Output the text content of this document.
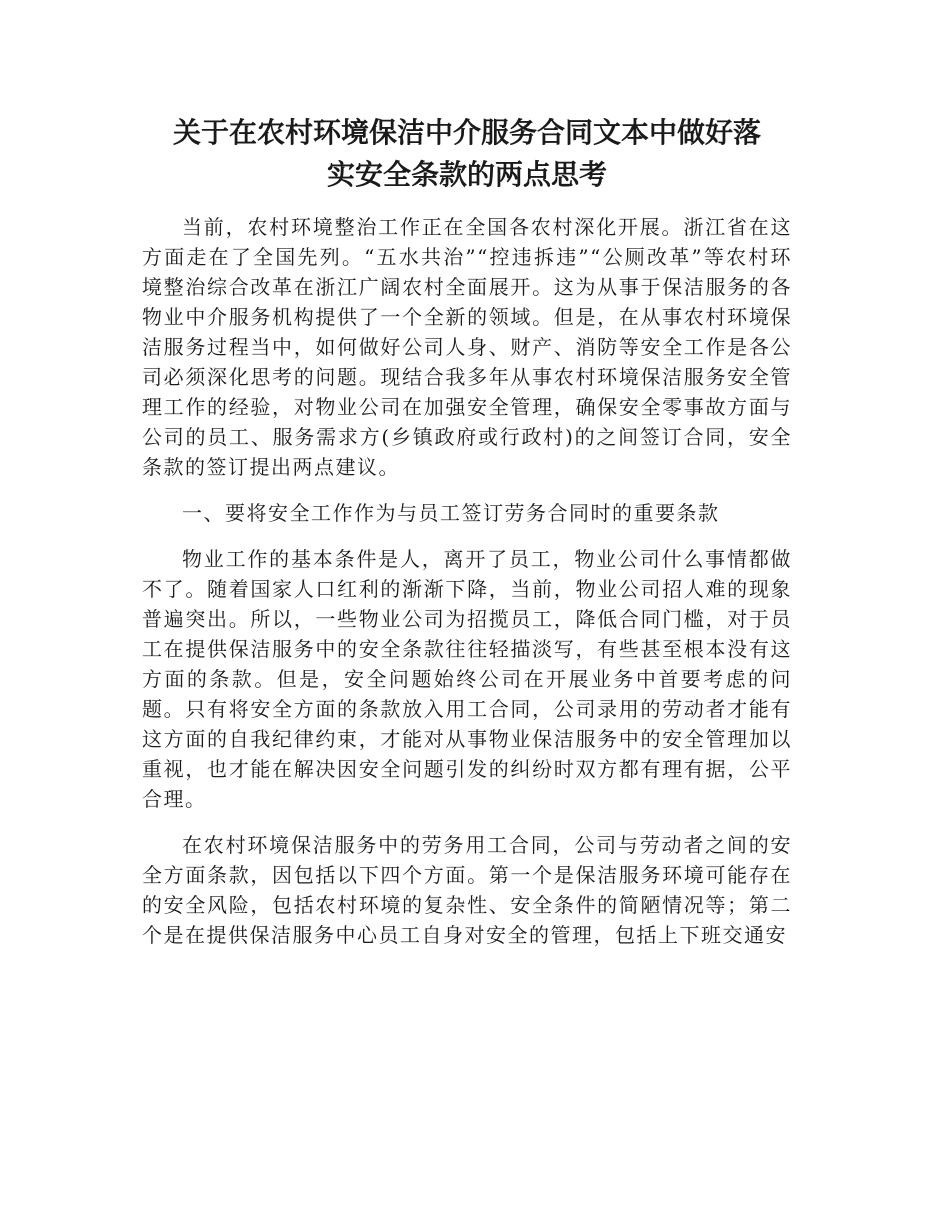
关于在农村环境保洁中介服务合同文本中做好落
实安全条款的两点思考

当前，农村环境整治工作正在全国各农村深化开展。浙江省在这方面走在了全国先列。“五水共治”“控违拆违”“公厕改革”等农村环境整治综合改革在浙江广阔农村全面展开。这为从事于保洁服务的各物业中介服务机构提供了一个全新的领域。但是，在从事农村环境保洁服务过程当中，如何做好公司人身、财产、消防等安全工作是各公司必须深化思考的问题。现结合我多年从事农村环境保洁服务安全管理工作的经验，对物业公司在加强安全管理，确保安全零事故方面与公司的员工、服务需求方(乡镇政府或行政村)的之间签订合同，安全条款的签订提出两点建议。

一、要将安全工作作为与员工签订劳务合同时的重要条款

物业工作的基本条件是人，离开了员工，物业公司什么事情都做不了。随着国家人口红利的渐渐下降，当前，物业公司招人难的现象普遍突出。所以，一些物业公司为招揽员工，降低合同门槛，对于员工在提供保洁服务中的安全条款往往轻描淡写，有些甚至根本没有这方面的条款。但是，安全问题始终公司在开展业务中首要考虑的问题。只有将安全方面的条款放入用工合同，公司录用的劳动者才能有这方面的自我纪律约束，才能对从事物业保洁服务中的安全管理加以重视，也才能在解决因安全问题引发的纠纷时双方都有理有据，公平合理。

在农村环境保洁服务中的劳务用工合同，公司与劳动者之间的安全方面条款，因包括以下四个方面。第一个是保洁服务环境可能存在的安全风险，包括农村环境的复杂性、安全条件的简陋情况等；第二个是在提供保洁服务中心员工自身对安全的管理，包括上下班交通安
